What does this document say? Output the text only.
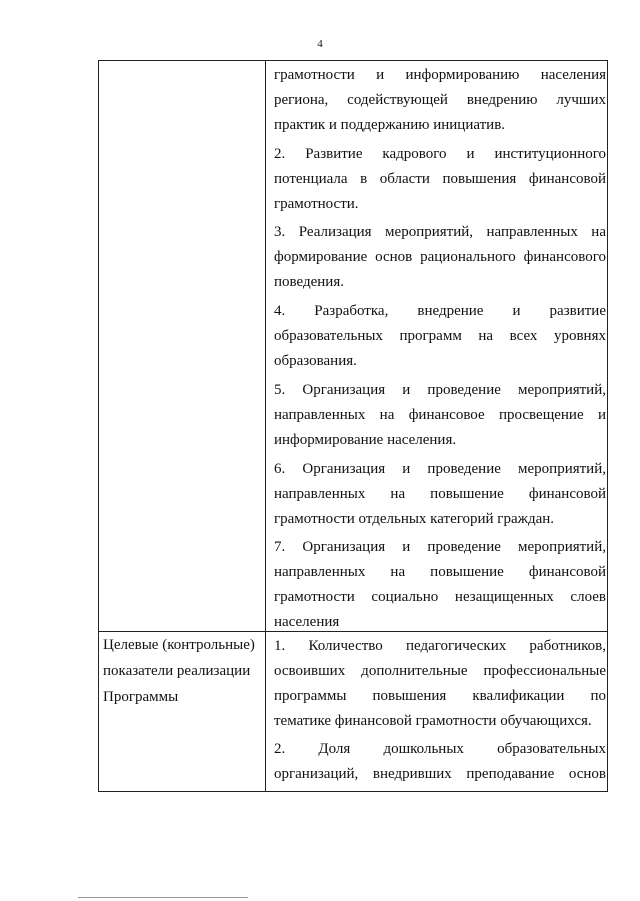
4
грамотности и информированию населения
региона, содействующей внедрению лучших
практик и поддержанию инициатив.
2. Развитие кадрового и институционного
потенциала в области повышения финансовой
грамотности.
3. Реализация мероприятий, направленных на
формирование основ рационального финансового
поведения.
4. Разработка, внедрение и развитие
образовательных программ на всех уровнях
образования.
5. Организация и проведение мероприятий,
направленных на финансовое просвещение и
информирование населения.
6. Организация и проведение мероприятий,
направленных на повышение финансовой
грамотности отдельных категорий граждан.
7. Организация и проведение мероприятий,
направленных на повышение финансовой
грамотности социально незащищенных слоев
населения
Целевые (контрольные)
показатели реализации
Программы
1. Количество педагогических работников,
освоивших дополнительные профессиональные
программы повышения квалификации по
тематике финансовой грамотности обучающихся.
2. Доля дошкольных образовательных
организаций, внедривших преподавание основ
